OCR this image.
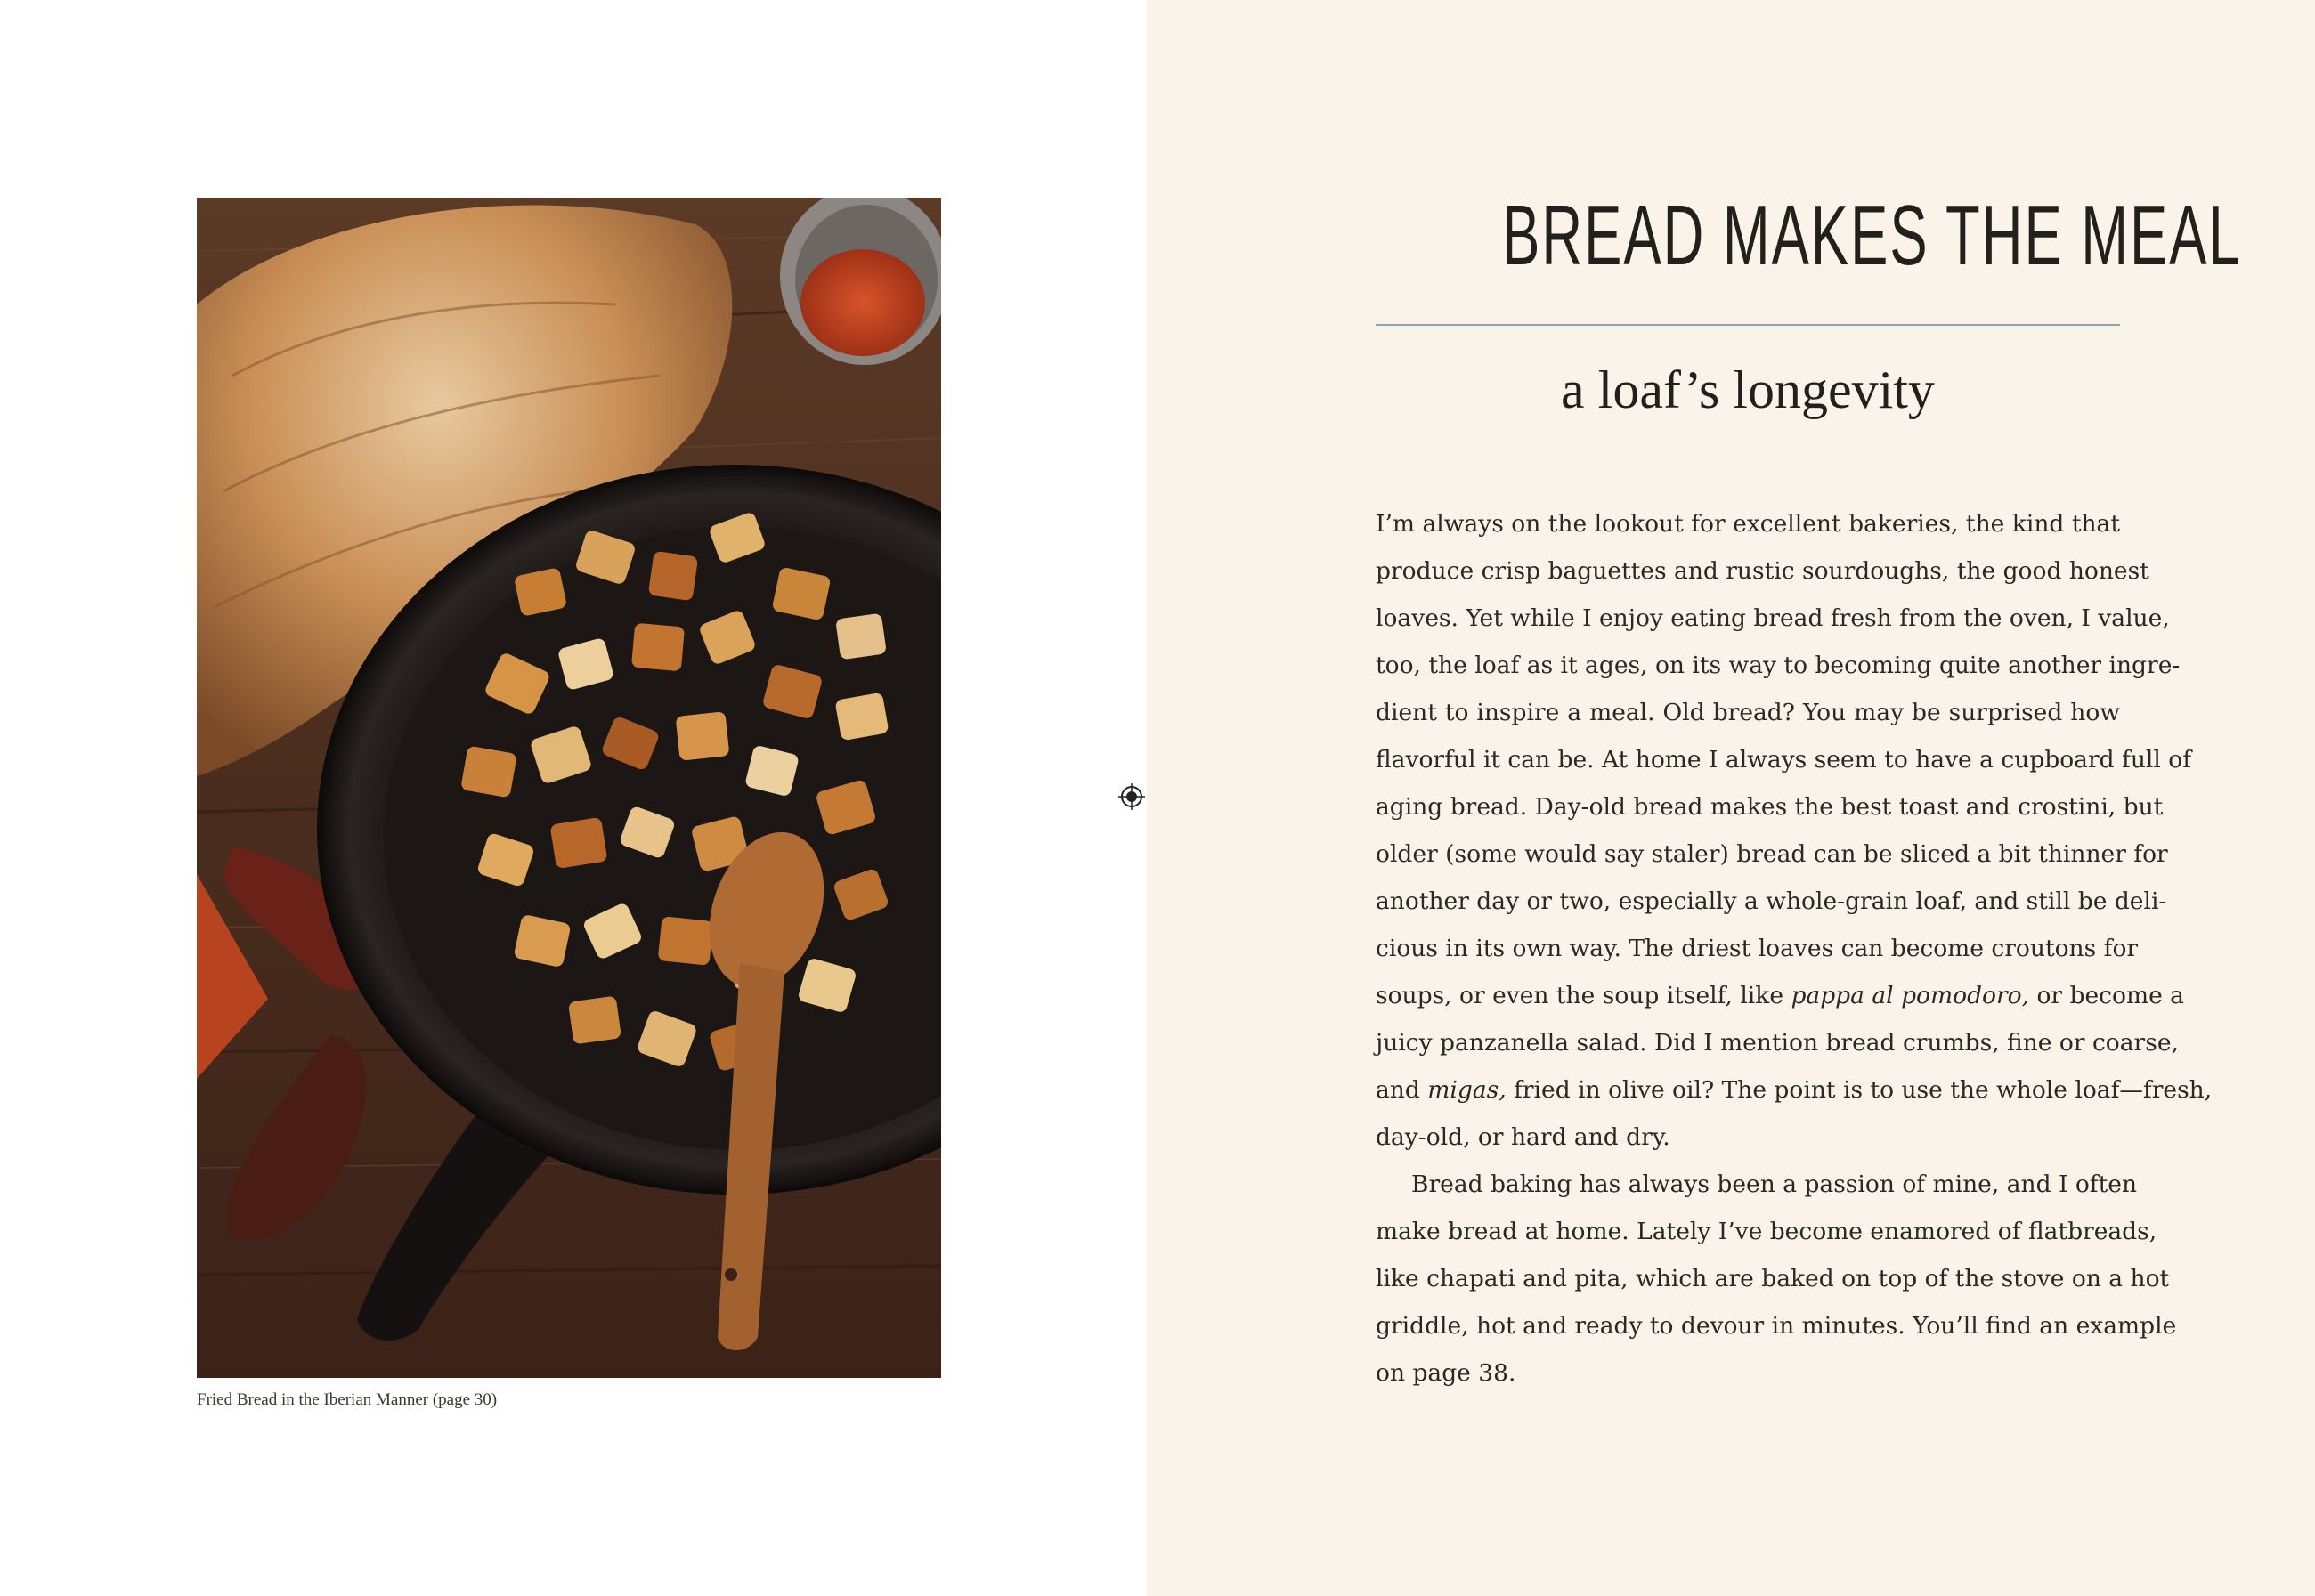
Fried Bread in the Iberian Manner (page 30)
BREAD MAKES THE MEAL
a loaf’s longevity
I’m always on the lookout for excellent bakeries, the kind that
produce crisp baguettes and rustic sourdoughs, the good honest
loaves. Yet while I enjoy eating bread fresh from the oven, I value,
too, the loaf as it ages, on its way to becoming quite another ingre-
dient to inspire a meal. Old bread? You may be surprised how
flavorful it can be. At home I always seem to have a cupboard full of
aging bread. Day-old bread makes the best toast and crostini, but
older (some would say staler) bread can be sliced a bit thinner for
another day or two, especially a whole-grain loaf, and still be deli-
cious in its own way. The driest loaves can become croutons for
soups, or even the soup itself, like pappa al pomodoro, or become a
juicy panzanella salad. Did I mention bread crumbs, fine or coarse,
and migas, fried in olive oil? The point is to use the whole loaf—fresh,
day-old, or hard and dry.
Bread baking has always been a passion of mine, and I often
make bread at home. Lately I’ve become enamored of flatbreads,
like chapati and pita, which are baked on top of the stove on a hot
griddle, hot and ready to devour in minutes. You’ll find an example
on page 38.
